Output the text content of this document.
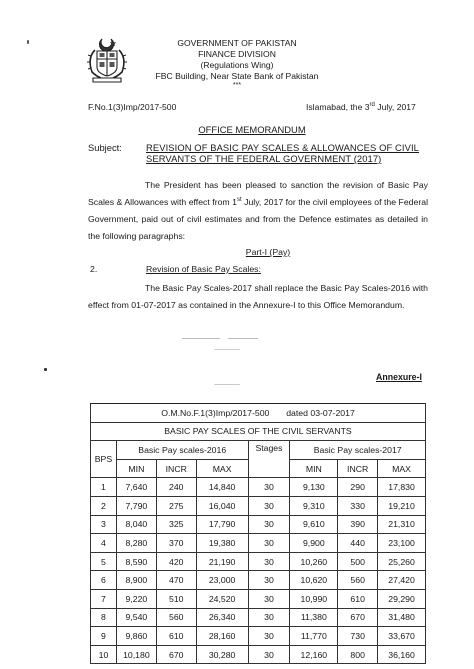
GOVERNMENT OF PAKISTAN
FINANCE DIVISION
(Regulations Wing)
FBC Building, Near State Bank of Pakistan
***
F.No.1(3)Imp/2017-500	Islamabad, the 3rd July, 2017
OFFICE MEMORANDUM
Subject:	REVISION OF BASIC PAY SCALES & ALLOWANCES OF CIVIL SERVANTS OF THE FEDERAL GOVERNMENT (2017)
The President has been pleased to sanction the revision of Basic Pay Scales & Allowances with effect from 1st July, 2017 for the civil employees of the Federal Government, paid out of civil estimates and from the Defence estimates as detailed in the following paragraphs:
Part-I (Pay)
2.	Revision of Basic Pay Scales:
The Basic Pay Scales-2017 shall replace the Basic Pay Scales-2016 with effect from 01-07-2017 as contained in the Annexure-I to this Office Memorandum.
Annexure-I
O.M.No.F.1(3)Imp/2017-500 dated 03-07-2017							
BASIC PAY SCALES OF THE CIVIL SERVANTS							
BPS	Basic Pay scales-2016			Stages	Basic Pay scales-2017		
	MIN	INCR	MAX		MIN	INCR	MAX
1	7,640	240	14,840	30	9,130	290	17,830
2	7,790	275	16,040	30	9,310	330	19,210
3	8,040	325	17,790	30	9,610	390	21,310
4	8,280	370	19,380	30	9,900	440	23,100
5	8,590	420	21,190	30	10,260	500	25,260
6	8,900	470	23,000	30	10,620	560	27,420
7	9,220	510	24,520	30	10,990	610	29,290
8	9,540	560	26,340	30	11,380	670	31,480
9	9,860	610	28,160	30	11,770	730	33,670
10	10,180	670	30,280	30	12,160	800	36,160
